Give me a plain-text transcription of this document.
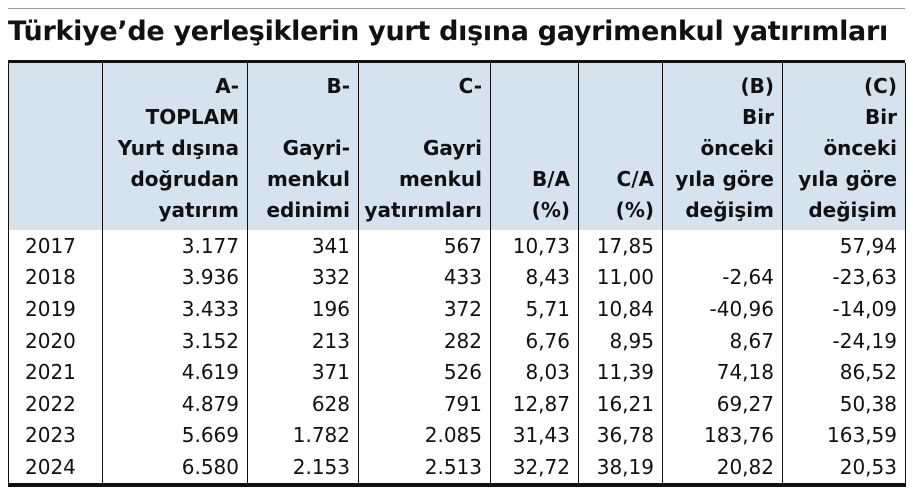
Türkiye’de yerleşiklerin yurt dışına gayrimenkul yatırımları

	A-
TOPLAM
Yurt dışına
doğrudan
yatırım	B-

Gayri-
menkul
edinimi	C-

Gayri
menkul
yatırımları	B/A
(%)	C/A
(%)	(B)
Bir
önceki
yıla göre
değişim	(C)
Bir
önceki
yıla göre
değişim

2017	3.177	341	567	10,73	17,85		57,94
2018	3.936	332	433	8,43	11,00	-2,64	-23,63
2019	3.433	196	372	5,71	10,84	-40,96	-14,09
2020	3.152	213	282	6,76	8,95	8,67	-24,19
2021	4.619	371	526	8,03	11,39	74,18	86,52
2022	4.879	628	791	12,87	16,21	69,27	50,38
2023	5.669	1.782	2.085	31,43	36,78	183,76	163,59
2024	6.580	2.153	2.513	32,72	38,19	20,82	20,53
